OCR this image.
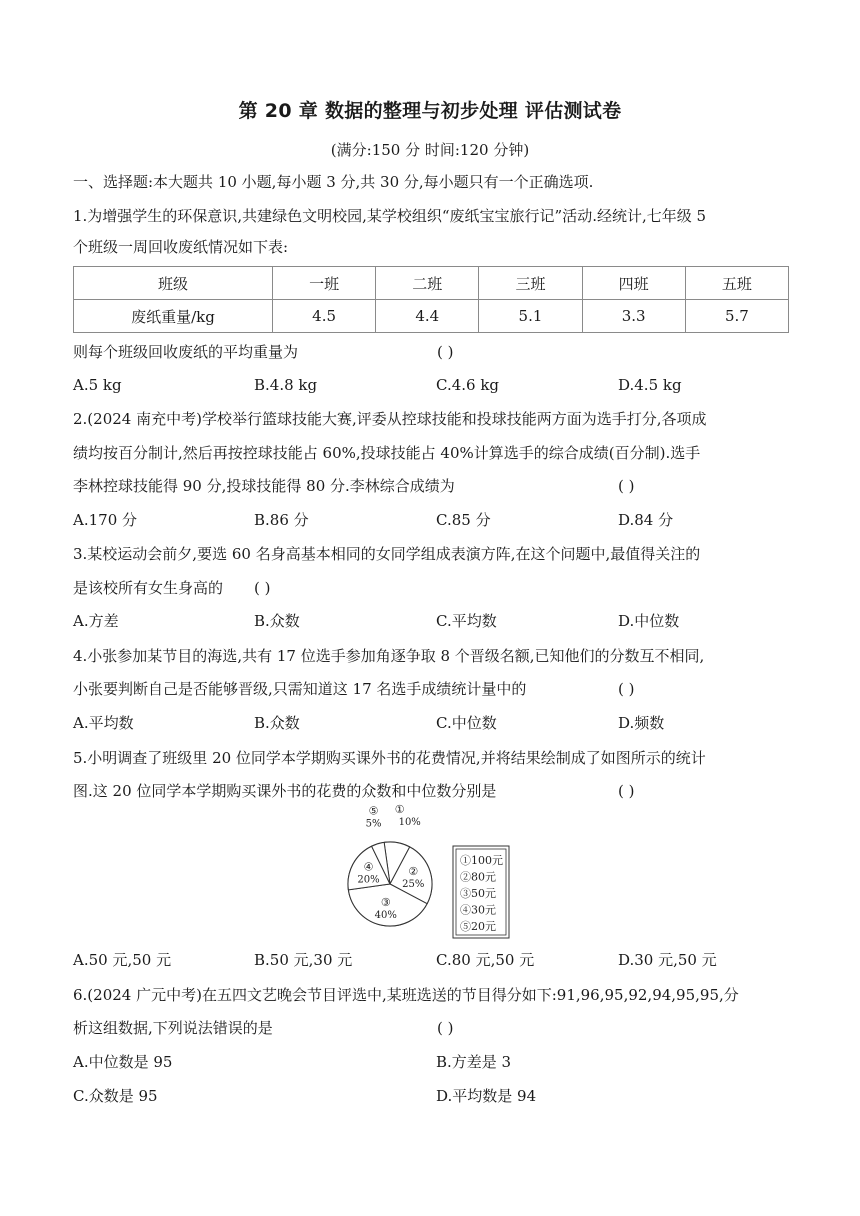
第 20 章 数据的整理与初步处理 评估测试卷
(满分:150 分 时间:120 分钟)
一、选择题:本大题共 10 小题,每小题 3 分,共 30 分,每小题只有一个正确选项.
1.为增强学生的环保意识,共建绿色文明校园,某学校组织“废纸宝宝旅行记”活动.经统计,七年级 5
个班级一周回收废纸情况如下表:
班级	一班	二班	三班	四班	五班
废纸重量/kg	4.5	4.4	5.1	3.3	5.7
则每个班级回收废纸的平均重量为	( )
A.5 kg	B.4.8 kg	C.4.6 kg	D.4.5 kg
2.(2024 南充中考)学校举行篮球技能大赛,评委从控球技能和投球技能两方面为选手打分,各项成
绩均按百分制计,然后再按控球技能占 60%,投球技能占 40%计算选手的综合成绩(百分制).选手
李林控球技能得 90 分,投球技能得 80 分.李林综合成绩为	( )
A.170 分	B.86 分	C.85 分	D.84 分
3.某校运动会前夕,要选 60 名身高基本相同的女同学组成表演方阵,在这个问题中,最值得关注的
是该校所有女生身高的	( )
A.方差	B.众数	C.平均数	D.中位数
4.小张参加某节目的海选,共有 17 位选手参加角逐争取 8 个晋级名额,已知他们的分数互不相同,
小张要判断自己是否能够晋级,只需知道这 17 名选手成绩统计量中的	( )
A.平均数	B.众数	C.中位数	D.频数
5.小明调查了班级里 20 位同学本学期购买课外书的花费情况,并将结果绘制成了如图所示的统计
图.这 20 位同学本学期购买课外书的花费的众数和中位数分别是	( )
①
10%
②
25%
③
40%
④
20%
⑤
5%
①100元
②80元
③50元
④30元
⑤20元
A.50 元,50 元	B.50 元,30 元	C.80 元,50 元	D.30 元,50 元
6.(2024 广元中考)在五四文艺晚会节目评选中,某班选送的节目得分如下:91,96,95,92,94,95,95,分
析这组数据,下列说法错误的是	( )
A.中位数是 95	B.方差是 3
C.众数是 95	D.平均数是 94
